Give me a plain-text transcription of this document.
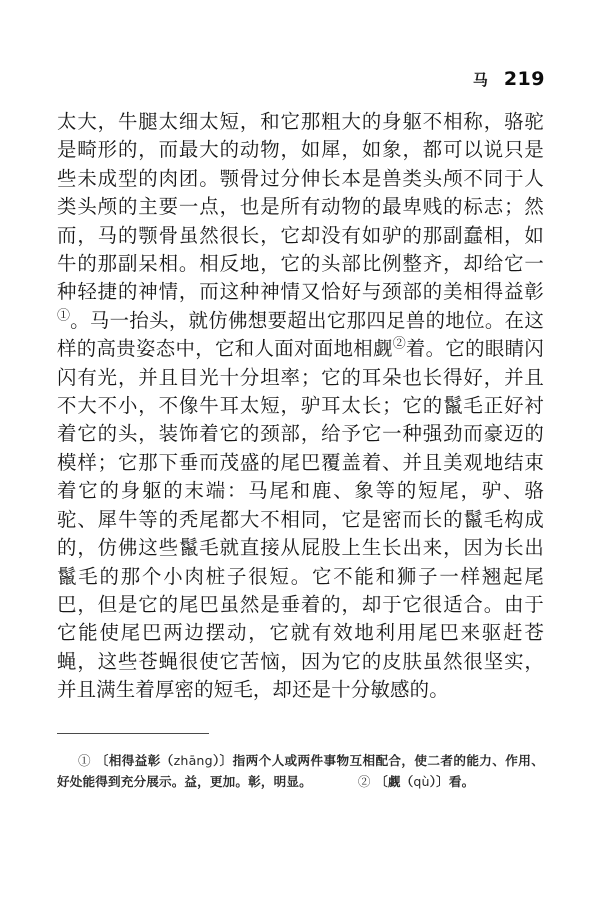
马 219

太大，牛腿太细太短，和它那粗大的身躯不相称，骆驼是畸形的，而最大的动物，如犀，如象，都可以说只是些未成型的肉团。颚骨过分伸长本是兽类头颅不同于人类头颅的主要一点，也是所有动物的最卑贱的标志；然而，马的颚骨虽然很长，它却没有如驴的那副蠢相，如牛的那副呆相。相反地，它的头部比例整齐，却给它一种轻捷的神情，而这种神情又恰好与颈部的美相得益彰①。马一抬头，就仿佛想要超出它那四足兽的地位。在这样的高贵姿态中，它和人面对面地相觑②着。它的眼睛闪闪有光，并且目光十分坦率；它的耳朵也长得好，并且不大不小，不像牛耳太短，驴耳太长；它的鬣毛正好衬着它的头，装饰着它的颈部，给予它一种强劲而豪迈的模样；它那下垂而茂盛的尾巴覆盖着、并且美观地结束着它的身躯的末端：马尾和鹿、象等的短尾，驴、骆驼、犀牛等的秃尾都大不相同，它是密而长的鬣毛构成的，仿佛这些鬣毛就直接从屁股上生长出来，因为长出鬣毛的那个小肉桩子很短。它不能和狮子一样翘起尾巴，但是它的尾巴虽然是垂着的，却于它很适合。由于它能使尾巴两边摆动，它就有效地利用尾巴来驱赶苍蝇，这些苍蝇很使它苦恼，因为它的皮肤虽然很坚实，并且满生着厚密的短毛，却还是十分敏感的。

① 〔相得益彰（zhāng）〕指两个人或两件事物互相配合，使二者的能力、作用、好处能得到充分展示。益，更加。彰，明显。	② 〔觑（qù）〕看。
